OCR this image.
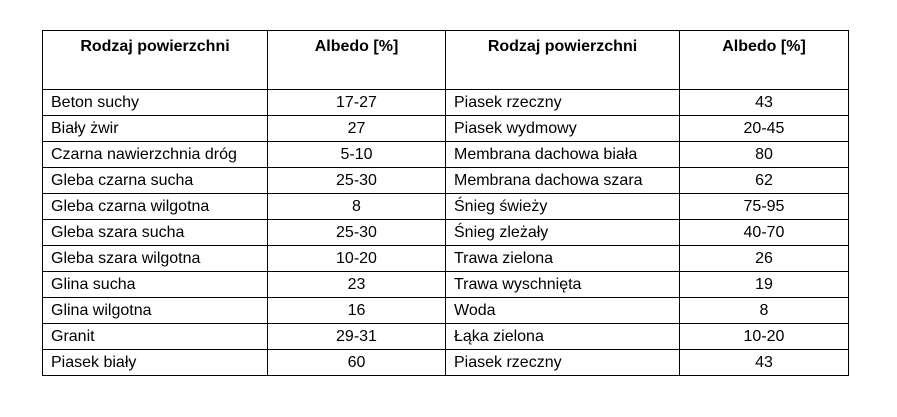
Rodzaj powierzchni	Albedo [%]	Rodzaj powierzchni	Albedo [%]
Beton suchy	17-27	Piasek rzeczny	43
Biały żwir	27	Piasek wydmowy	20-45
Czarna nawierzchnia dróg	5-10	Membrana dachowa biała	80
Gleba czarna sucha	25-30	Membrana dachowa szara	62
Gleba czarna wilgotna	8	Śnieg świeży	75-95
Gleba szara sucha	25-30	Śnieg zleżały	40-70
Gleba szara wilgotna	10-20	Trawa zielona	26
Glina sucha	23	Trawa wyschnięta	19
Glina wilgotna	16	Woda	8
Granit	29-31	Łąka zielona	10-20
Piasek biały	60	Piasek rzeczny	43
